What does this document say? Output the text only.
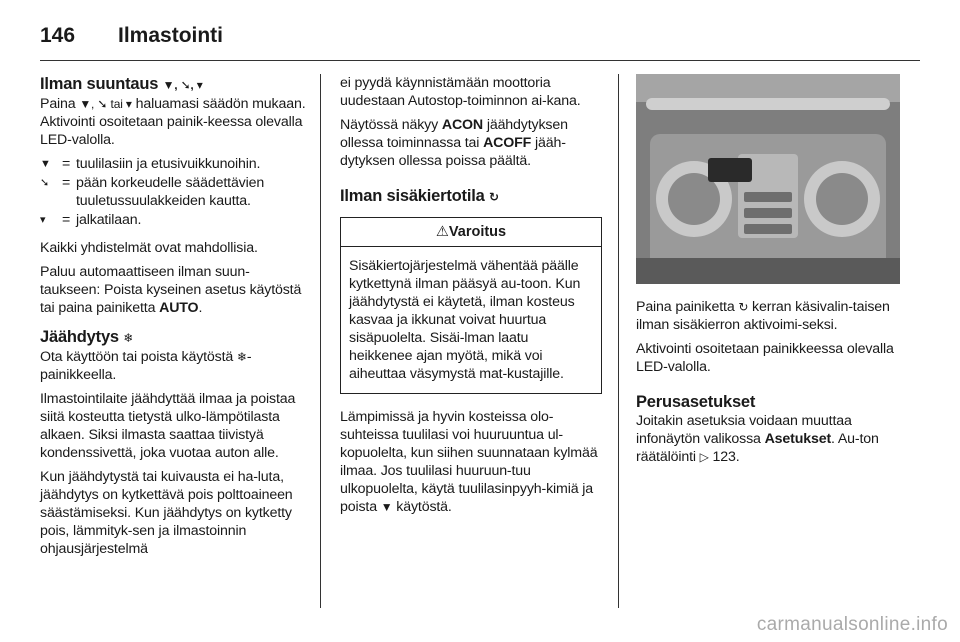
146 Ilmastointi
Ilman suuntaus ▼, ➘, ▾

Paina ▼, ➘ tai ▾ haluamasi säädön mukaan. Aktivointi osoitetaan painik-keessa olevalla LED-valolla.

▼ = tuulilasiin ja etusivuikkunoihin.
➘ = pään korkeudelle säädettävien tuuletussuulakkeiden kautta.
▾	= jalkatilaan.

Kaikki yhdistelmät ovat mahdollisia.

Paluu automaattiseen ilman suun-taukseen: Poista kyseinen asetus käytöstä tai paina painiketta AUTO.

Jäähdytys ❄

Ota käyttöön tai poista käytöstä ❄-painikkeella.

Ilmastointilaite jäähdyttää ilmaa ja poistaa siitä kosteutta tietystä ulko-lämpötilasta alkaen. Siksi ilmasta saattaa tiivistyä kondenssivettä, joka vuotaa auton alle.

Kun jäähdytystä tai kuivausta ei ha-luta, jäähdytys on kytkettävä pois polttoaineen säästämiseksi. Kun jäähdytys on kytketty pois, lämmityk-sen ja ilmastoinnin ohjausjärjestelmä

ei pyydä käynnistämään moottoria uudestaan Autostop-toiminnon ai-kana.

Näytössä näkyy ACON jäähdytyksen ollessa toiminnassa tai ACOFF jääh-dytyksen ollessa poissa päältä.

Ilman sisäkiertotila ↻
⚠Varoitus
Sisäkiertojärjestelmä vähentää päälle kytkettynä ilman pääsyä au-toon. Kun jäähdytystä ei käytetä, ilman kosteus kasvaa ja ikkunat voivat huurtua sisäpuolelta. Sisäi-lman laatu heikkenee ajan myötä, mikä voi aiheuttaa väsymystä mat-kustajille.

Lämpimissä ja hyvin kosteissa olo-suhteissa tuulilasi voi huuruuntua ul-kopuolelta, kun siihen suunnataan kylmää ilmaa. Jos tuulilasi huuruun-tuu ulkopuolelta, käytä tuulilasinpyyh-kimiä ja poista ▼ käytöstä.

Paina painiketta ↻ kerran käsivalin-taisen ilman sisäkierron aktivoimi-seksi.

Aktivointi osoitetaan painikkeessa olevalla LED-valolla.

Perusasetukset

Joitakin asetuksia voidaan muuttaa infonäytön valikossa Asetukset. Au-ton räätälöinti ▷ 123.

carmanualsonline.info
